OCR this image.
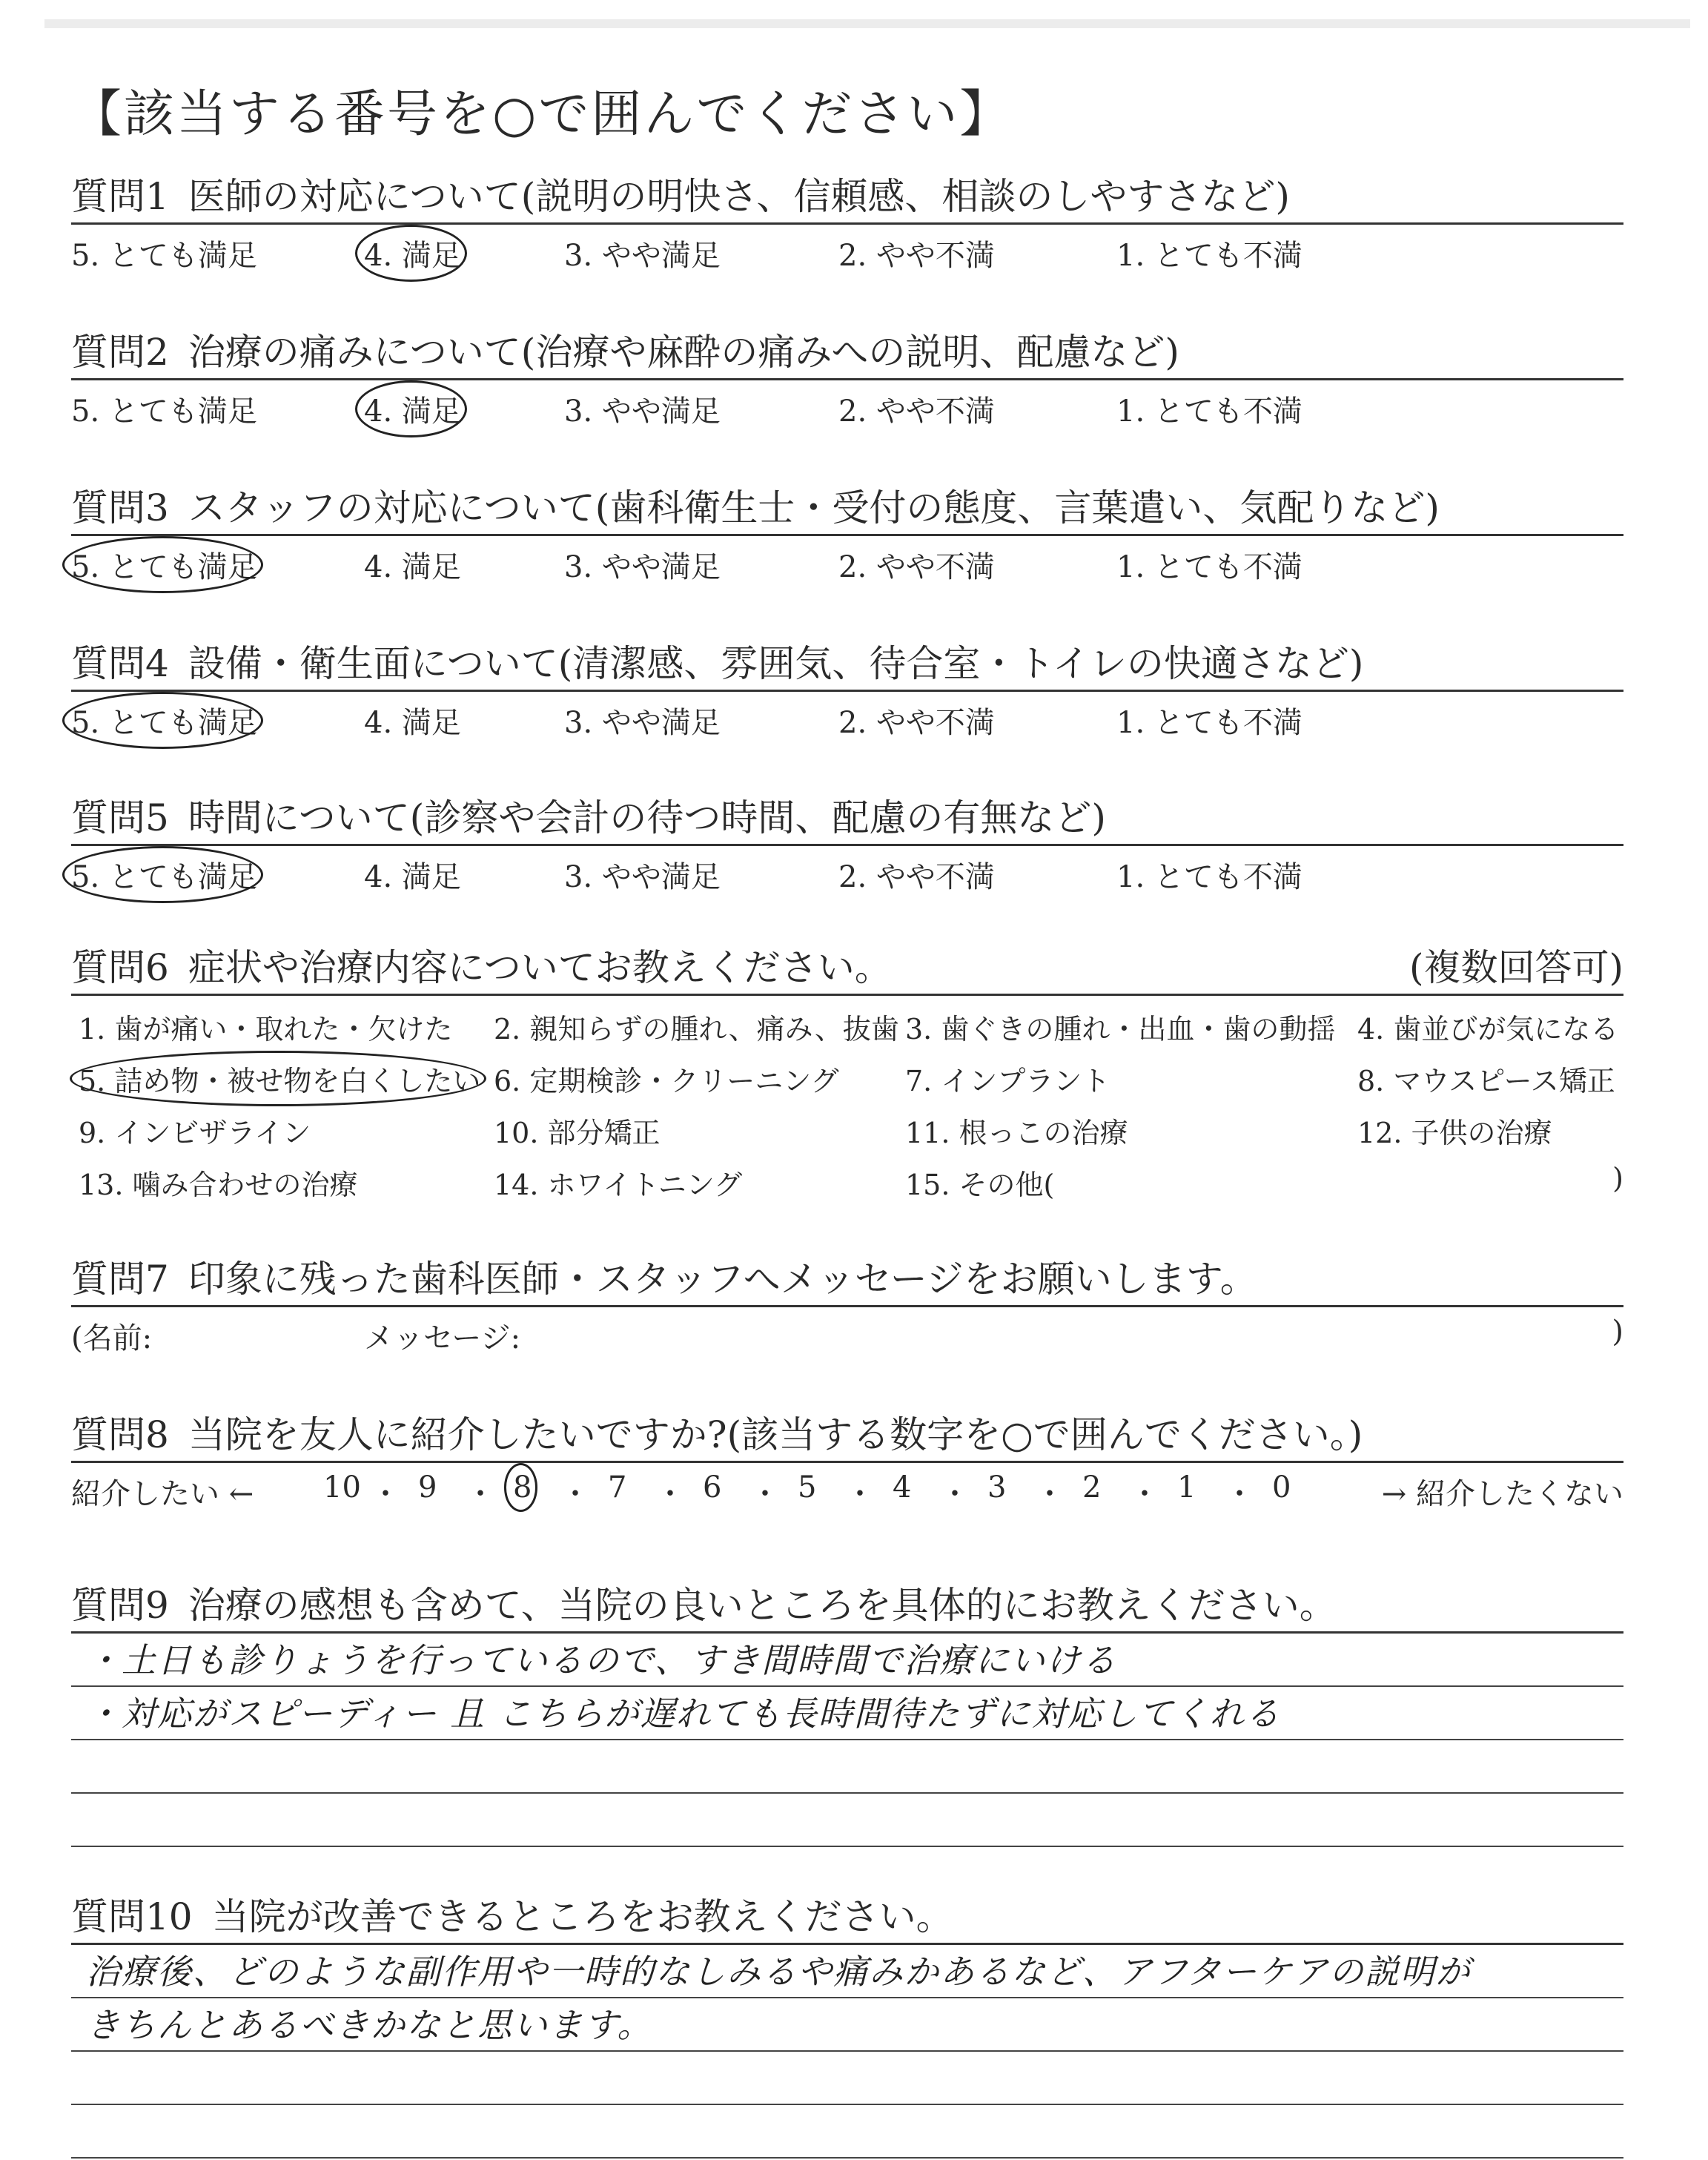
【該当する番号を○で囲んでください】
質問1 医師の対応について(説明の明快さ、信頼感、相談のしやすさなど)
5. とても満足	4. 満足	3. やや満足	2. やや不満	1. とても不満
質問2 治療の痛みについて(治療や麻酔の痛みへの説明、配慮など)
5. とても満足	4. 満足	3. やや満足	2. やや不満	1. とても不満
質問3 スタッフの対応について(歯科衛生士・受付の態度、言葉遣い、気配りなど)
5. とても満足	4. 満足	3. やや満足	2. やや不満	1. とても不満
質問4 設備・衛生面について(清潔感、雰囲気、待合室・トイレの快適さなど)
5. とても満足	4. 満足	3. やや満足	2. やや不満	1. とても不満
質問5 時間について(診察や会計の待つ時間、配慮の有無など)
5. とても満足	4. 満足	3. やや満足	2. やや不満	1. とても不満
質問6 症状や治療内容についてお教えください。	(複数回答可)
1. 歯が痛い・取れた・欠けた 2. 親知らずの腫れ、痛み、抜歯 3. 歯ぐきの腫れ・出血・歯の動揺 4. 歯並びが気になる
5. 詰め物・被せ物を白くしたい 6. 定期検診・クリーニング 7. インプラント	8. マウスピース矯正
9. インビザライン	10. 部分矯正	11. 根っこの治療	12. 子供の治療
13. 噛み合わせの治療	14. ホワイトニング	15. その他(	)
質問7 印象に残った歯科医師・スタッフへメッセージをお願いします。
(名前:	メッセージ:	)
質問8 当院を友人に紹介したいですか?(該当する数字を○で囲んでください。)
紹介したい ←	→ 紹介したくない
10 ・ 9 ・ 8 ・ 7 ・ 6 ・ 5 ・ 4 ・ 3 ・ 2 ・ 1 ・ 0
質問9 治療の感想も含めて、当院の良いところを具体的にお教えください。
・土日も診りょうを行っているので、すき間時間で治療にいける
・対応がスピーディー 且 こちらが遅れても長時間待たずに対応してくれる
質問10 当院が改善できるところをお教えください。
治療後、どのような副作用や一時的なしみるや痛みかあるなど、アフターケアの説明が
きちんとあるべきかなと思います。
